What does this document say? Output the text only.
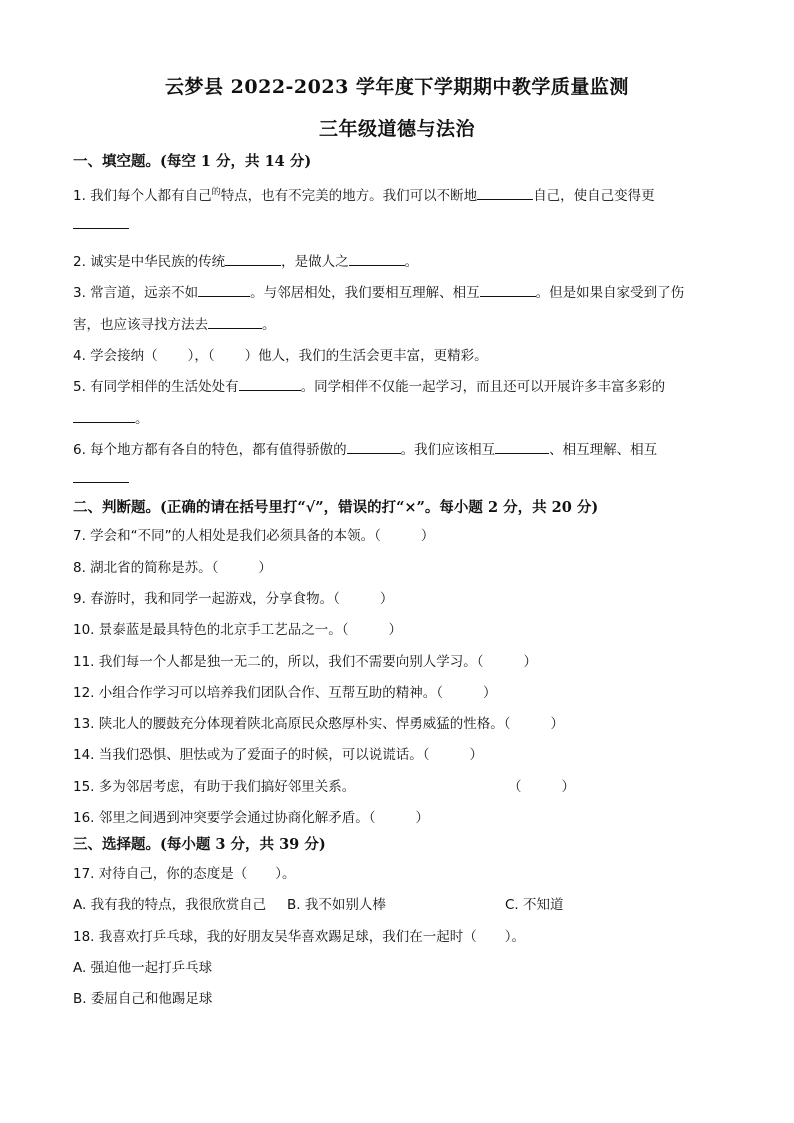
云梦县 2022-2023 学年度下学期期中教学质量监测
三年级道德与法治
一、填空题。(每空 1 分，共 14 分)
1. 我们每个人都有自己$^的$特点，也有不完美的地方。我们可以不断地	自己，使自己变得更
2. 诚实是中华民族的传统	，是做人之	。
3. 常言道，远亲不如	。与邻居相处，我们要相互理解、相互	。但是如果自家受到了伤
害，也应该寻找方法去	。
4. 学会接纳（ ），（ ）他人，我们的生活会更丰富，更精彩。
5. 有同学相伴的生活处处有	。同学相伴不仅能一起学习，而且还可以开展许多丰富多彩的
。
6. 每个地方都有各自的特色，都有值得骄傲的	。我们应该相互	、相互理解、相互
二、判断题。(正确的请在括号里打“√”，错误的打“×”。每小题 2 分，共 20 分)
7. 学会和“不同”的人相处是我们必须具备的本领。（	）
8. 湖北省的简称是苏。（	）
9. 春游时，我和同学一起游戏，分享食物。（	）
10. 景泰蓝是最具特色的北京手工艺品之一。（	）
11. 我们每一个人都是独一无二的，所以，我们不需要向别人学习。（	）
12. 小组合作学习可以培养我们团队合作、互帮互助的精神。（	）
13. 陕北人的腰鼓充分体现着陕北高原民众憨厚朴实、悍勇威猛的性格。（	）
14. 当我们恐惧、胆怯或为了爱面子的时候，可以说谎话。（	）
15. 多为邻居考虑，有助于我们搞好邻里关系。	（	）
16. 邻里之间遇到冲突要学会通过协商化解矛盾。（	）
三、选择题。(每小题 3 分，共 39 分)
17. 对待自己，你的态度是（ ）。
A. 我有我的特点，我很欣赏自己 B. 我不如别人棒	C. 不知道
18. 我喜欢打乒乓球，我的好朋友吴华喜欢踢足球，我们在一起时（ ）。
A. 强迫他一起打乒乓球
B. 委屈自己和他踢足球
